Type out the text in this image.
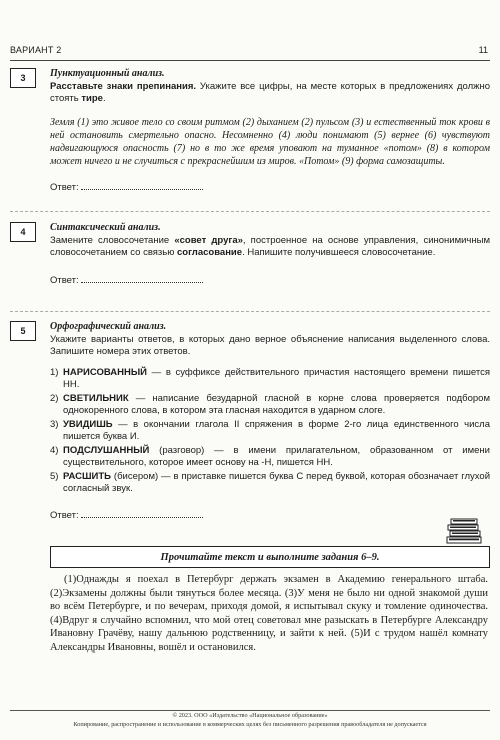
ВАРИАНТ 2	11
3	Пунктуационный анализ.
Расставьте знаки препинания. Укажите все цифры, на месте которых в предложениях должно стоять тире.
Земля (1) это живое тело со своим ритмом (2) дыханием (2) пульсом (3) и естественный ток крови в ней остановить смертельно опасно. Несомненно (4) люди понимают (5) вернее (6) чувствуют надвигающуюся опасность (7) но в то же время уповают на туманное «потом» (8) в котором может ничего и не случиться с прекраснейшим из миров. «Потом» (9) форма самозащиты.
Ответ:	.
4	Синтаксический анализ.
Замените словосочетание «совет друга», построенное на основе управления, синонимичным словосочетанием со связью согласование. Напишите получившееся словосочетание.
Ответ:	.
5	Орфографический анализ.
Укажите варианты ответов, в которых дано верное объяснение написания выделенного слова. Запишите номера этих ответов.
1) НАРИСОВАННЫЙ — в суффиксе действительного причастия настоящего времени пишется НН.
2) СВЕТИЛЬНИК — написание безударной гласной в корне слова проверяется подбором однокоренного слова, в котором эта гласная находится в ударном слоге.
3) УВИДИШЬ — в окончании глагола II спряжения в форме 2-го лица единственного числа пишется буква И.
4) ПОДСЛУШАННЫЙ (разговор) — в имени прилагательном, образованном от имени существительного, которое имеет основу на -Н, пишется НН.
5) РАСШИТЬ (бисером) — в приставке пишется буква С перед буквой, которая обозначает глухой согласный звук.
Ответ:	.
Прочитайте текст и выполните задания 6–9.
(1)Однажды я поехал в Петербург держать экзамен в Академию генерального штаба. (2)Экзамены должны были тянуться более месяца. (3)У меня не было ни одной знакомой души во всём Петербурге, и по вечерам, приходя домой, я испытывал скуку и томление одиночества. (4)Вдруг я случайно вспомнил, что мой отец советовал мне разыскать в Петербурге Александру Ивановну Грачёву, нашу дальнюю родственницу, и зайти к ней. (5)И с трудом нашёл комнату Александры Ивановны, вошёл и остановился.
© 2023. ООО «Издательство «Национальное образование»
Копирование, распространение и использование в коммерческих целях без письменного разрешения правообладателя не допускается
